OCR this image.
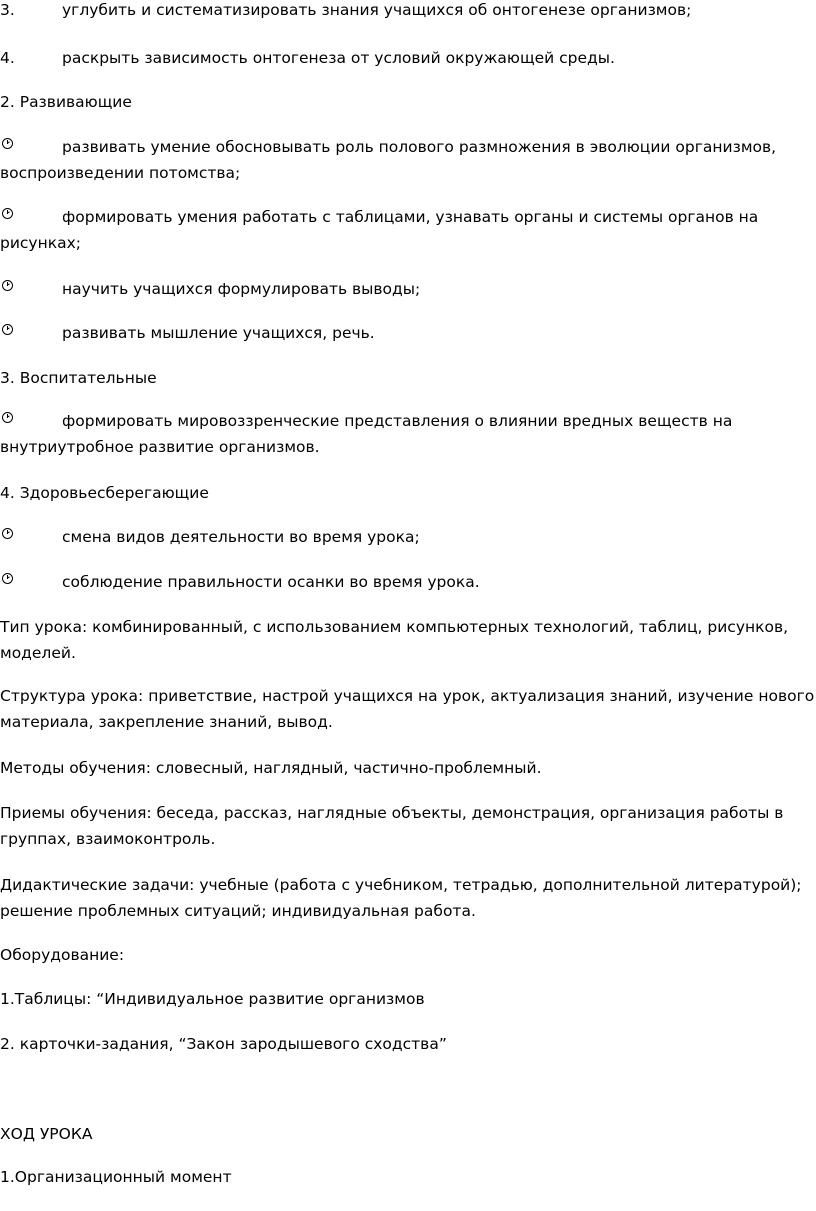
3.	углубить и систематизировать знания учащихся об онтогенезе организмов;
4.	раскрыть зависимость онтогенеза от условий окружающей среды.
2. Развивающие
развивать умение обосновывать роль полового размножения в эволюции организмов,
воспроизведении потомства;
формировать умения работать с таблицами, узнавать органы и системы органов на
рисунках;
научить учащихся формулировать выводы;
развивать мышление учащихся, речь.
3. Воспитательные
формировать мировоззренческие представления о влиянии вредных веществ на
внутриутробное развитие организмов.
4. Здоровьесберегающие
смена видов деятельности во время урока;
соблюдение правильности осанки во время урока.
Тип урока: комбинированный, с использованием компьютерных технологий, таблиц, рисунков,
моделей.
Структура урока: приветствие, настрой учащихся на урок, актуализация знаний, изучение нового
материала, закрепление знаний, вывод.
Методы обучения: словесный, наглядный, частично-проблемный.
Приемы обучения: беседа, рассказ, наглядные объекты, демонстрация, организация работы в
группах, взаимоконтроль.
Дидактические задачи: учебные (работа с учебником, тетрадью, дополнительной литературой);
решение проблемных ситуаций; индивидуальная работа.
Оборудование:
1.Таблицы: “Индивидуальное развитие организмов
2. карточки-задания, “Закон зародышевого сходства”
ХОД УРОКА
1.Организационный момент
